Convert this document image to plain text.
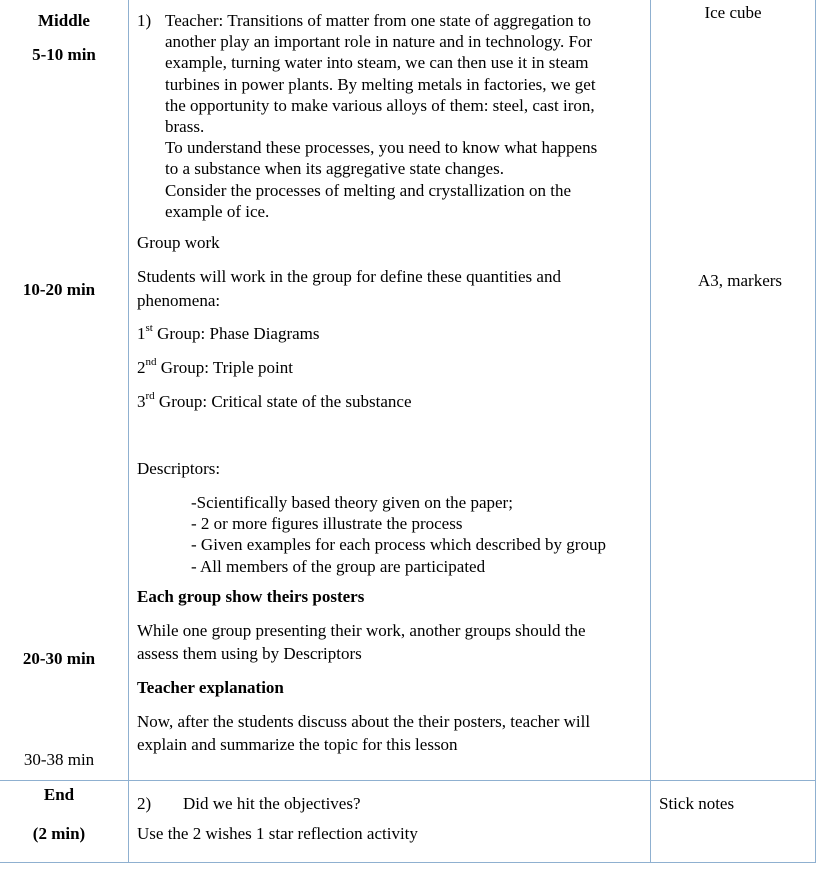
Middle
5-10 min
10-20 min
20-30 min
30-38 min
End
(2 min)
1) Teacher: Transitions of matter from one state of aggregation to
another play an important role in nature and in technology. For
example, turning water into steam, we can then use it in steam
turbines in power plants. By melting metals in factories, we get
the opportunity to make various alloys of them: steel, cast iron,
brass.
To understand these processes, you need to know what happens
to a substance when its aggregative state changes.
Consider the processes of melting and crystallization on the
example of ice.
Group work
Students will work in the group for define these quantities and
phenomena:
1st Group: Phase Diagrams
2nd Group: Triple point
3rd Group: Critical state of the substance
Descriptors:
-Scientifically based theory given on the paper;
- 2 or more figures illustrate the process
- Given examples for each process which described by group
- All members of the group are participated
Each group show theirs posters
While one group presenting their work, another groups should the
assess them using by Descriptors
Teacher explanation
Now, after the students discuss about the their posters, teacher will
explain and summarize the topic for this lesson
2) Did we hit the objectives?
Use the 2 wishes 1 star reflection activity
Ice cube
A3, markers
Stick notes
